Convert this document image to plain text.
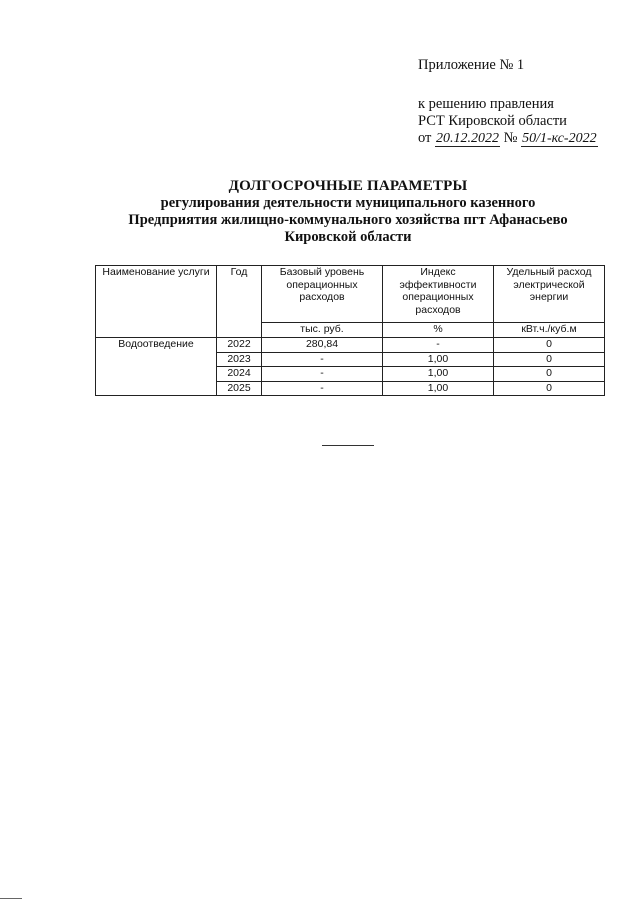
Приложение № 1
к решению правления
РСТ Кировской области
от 20.12.2022 № 50/1-кс-2022
ДОЛГОСРОЧНЫЕ ПАРАМЕТРЫ
регулирования деятельности муниципального казенного
Предприятия жилищно-коммунального хозяйства пгт Афанасьево
Кировской области
Наименование услуги	Год	Базовый уровень операционных расходов	Индекс эффективности операционных расходов	Удельный расход электрической энергии
		тыс. руб.	%	кВт.ч./куб.м
Водоотведение	2022	280,84	-	0
	2023	-	1,00	0
	2024	-	1,00	0
	2025	-	1,00	0
